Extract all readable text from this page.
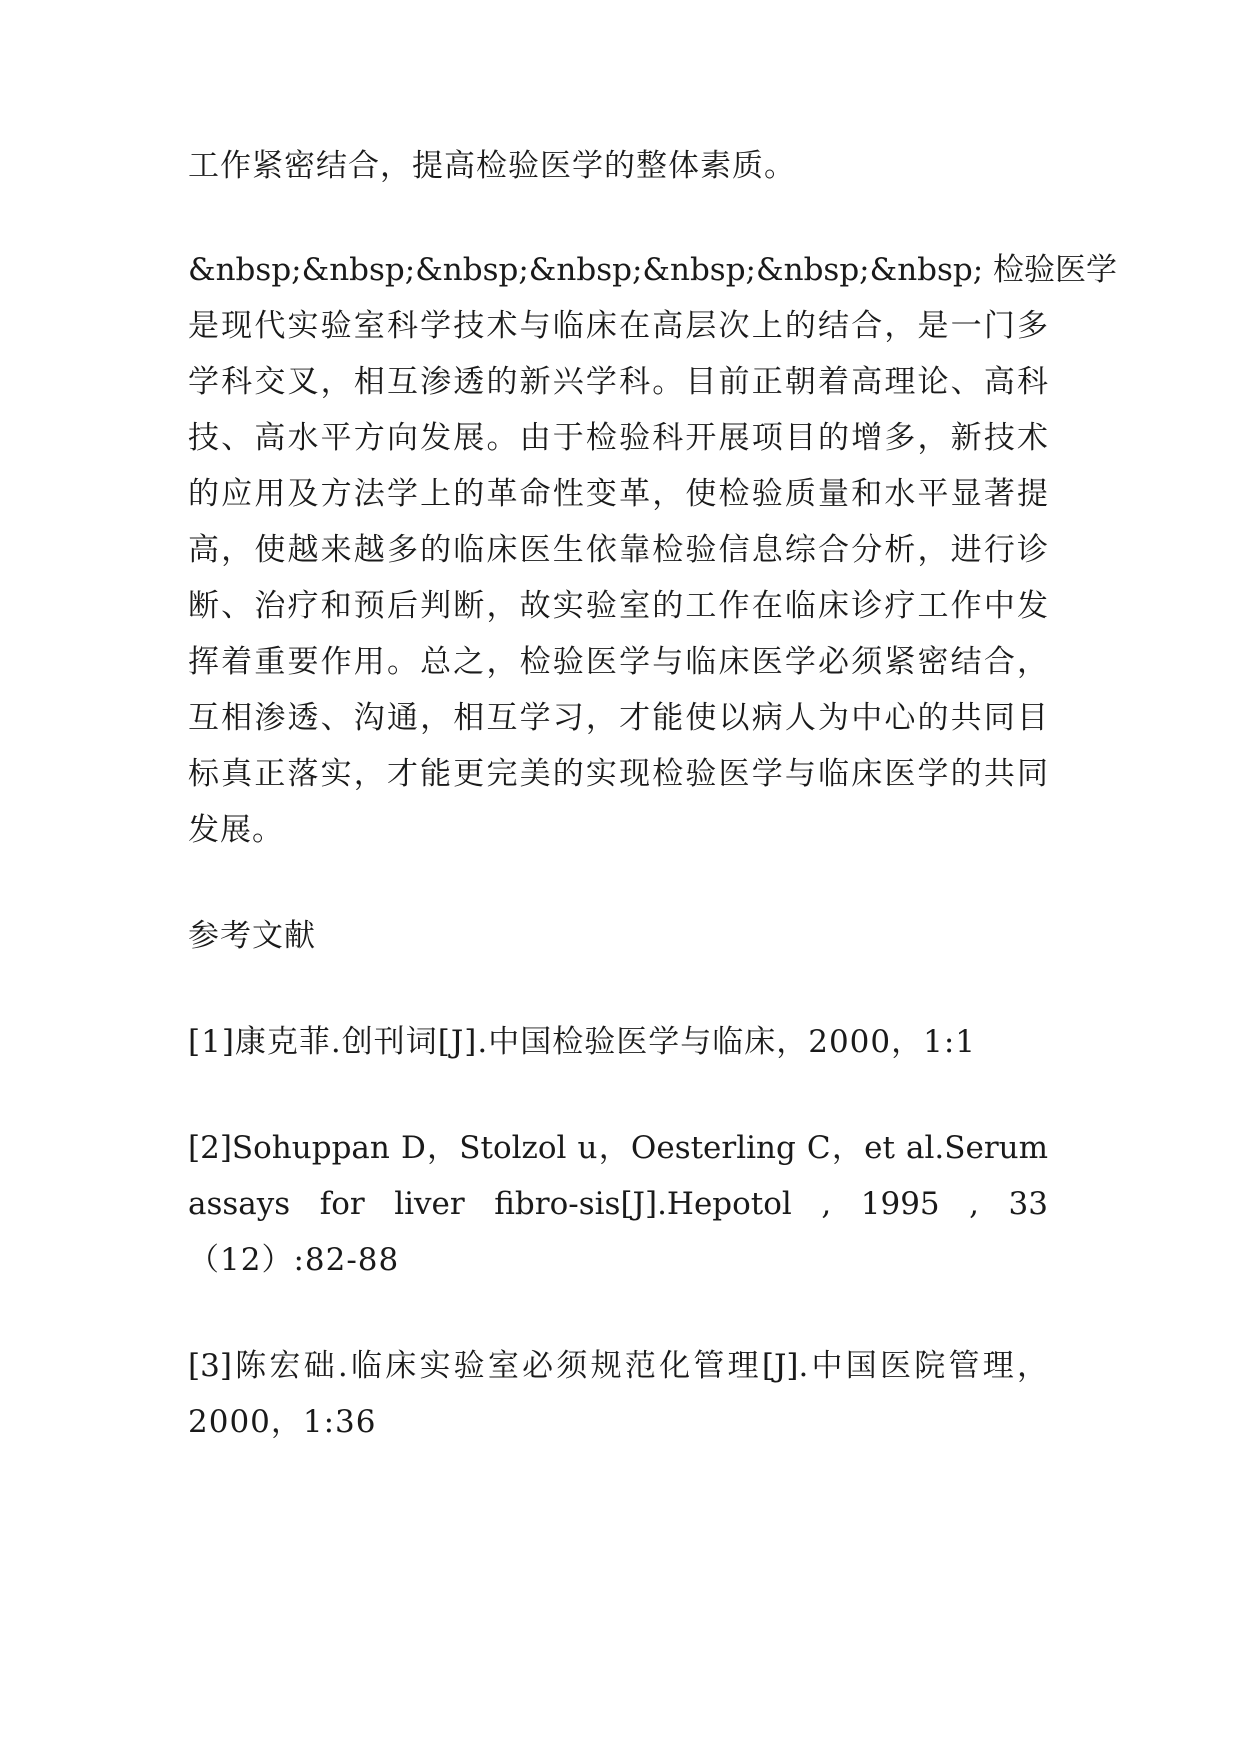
工作紧密结合，提高检验医学的整体素质。
&nbsp;&nbsp;&nbsp;&nbsp;&nbsp;&nbsp;&nbsp; 检验医学
是现代实验室科学技术与临床在高层次上的结合，是一门多
学科交叉，相互渗透的新兴学科。目前正朝着高理论、高科
技、高水平方向发展。由于检验科开展项目的增多，新技术
的应用及方法学上的革命性变革，使检验质量和水平显著提
高，使越来越多的临床医生依靠检验信息综合分析，进行诊
断、治疗和预后判断，故实验室的工作在临床诊疗工作中发
挥着重要作用。总之，检验医学与临床医学必须紧密结合，
互相渗透、沟通，相互学习，才能使以病人为中心的共同目
标真正落实，才能更完美的实现检验医学与临床医学的共同
发展。
参考文献
[1]康克菲.创刊词[J].中国检验医学与临床，2000，1:1
[2]Sohuppan D，Stolzol u，Oesterling C，et al.Serum
assays for liver fibro-sis[J].Hepotol , 1995 , 33
（12）:82-88
[3]陈宏础.临床实验室必须规范化管理[J].中国医院管理，
2000，1:36
